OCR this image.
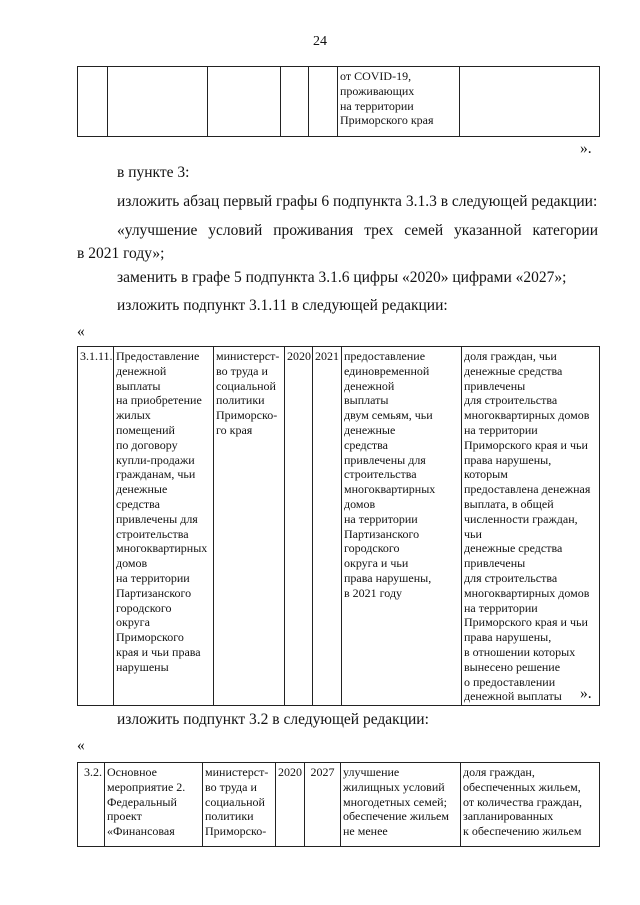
24
					от COVID-19,
проживающих
на территории
Приморского края	
».
в пункте 3:
изложить абзац первый графы 6 подпункта 3.1.3 в следующей редакции:
«улучшение условий проживания трех семей указанной категории
в 2021 году»;
заменить в графе 5 подпункта 3.1.6 цифры «2020» цифрами «2027»;
изложить подпункт 3.1.11 в следующей редакции:
«
3.1.11.	Предоставление
денежной
выплаты
на приобретение
жилых
помещений
по договору
купли-продажи
гражданам, чьи
денежные
средства
привлечены для
строительства
многоквартирных
домов
на территории
Партизанского
городского
округа
Приморского
края и чьи права
нарушены	министерст-
во труда и
социальной
политики
Приморско-
го края	2020	2021	предоставление
единовременной
денежной
выплаты
двум семьям, чьи
денежные
средства
привлечены для
строительства
многоквартирных
домов
на территории
Партизанского
городского
округа и чьи
права нарушены,
в 2021 году	доля граждан, чьи
денежные средства
привлечены
для строительства
многоквартирных домов
на территории
Приморского края и чьи
права нарушены, которым
предоставлена денежная
выплата, в общей
численности граждан, чьи
денежные средства
привлечены
для строительства
многоквартирных домов
на территории
Приморского края и чьи
права нарушены,
в отношении которых
вынесено решение
о предоставлении
денежной выплаты ».
изложить подпункт 3.2 в следующей редакции:
«
3.2.	Основное
мероприятие 2.
Федеральный
проект
«Финансовая	министерст-
во труда и
социальной
политики
Приморско-	2020	2027	улучшение
жилищных условий
многодетных семей;
обеспечение жильем
не менее	доля граждан,
обеспеченных жильем,
от количества граждан,
запланированных
к обеспечению жильем
